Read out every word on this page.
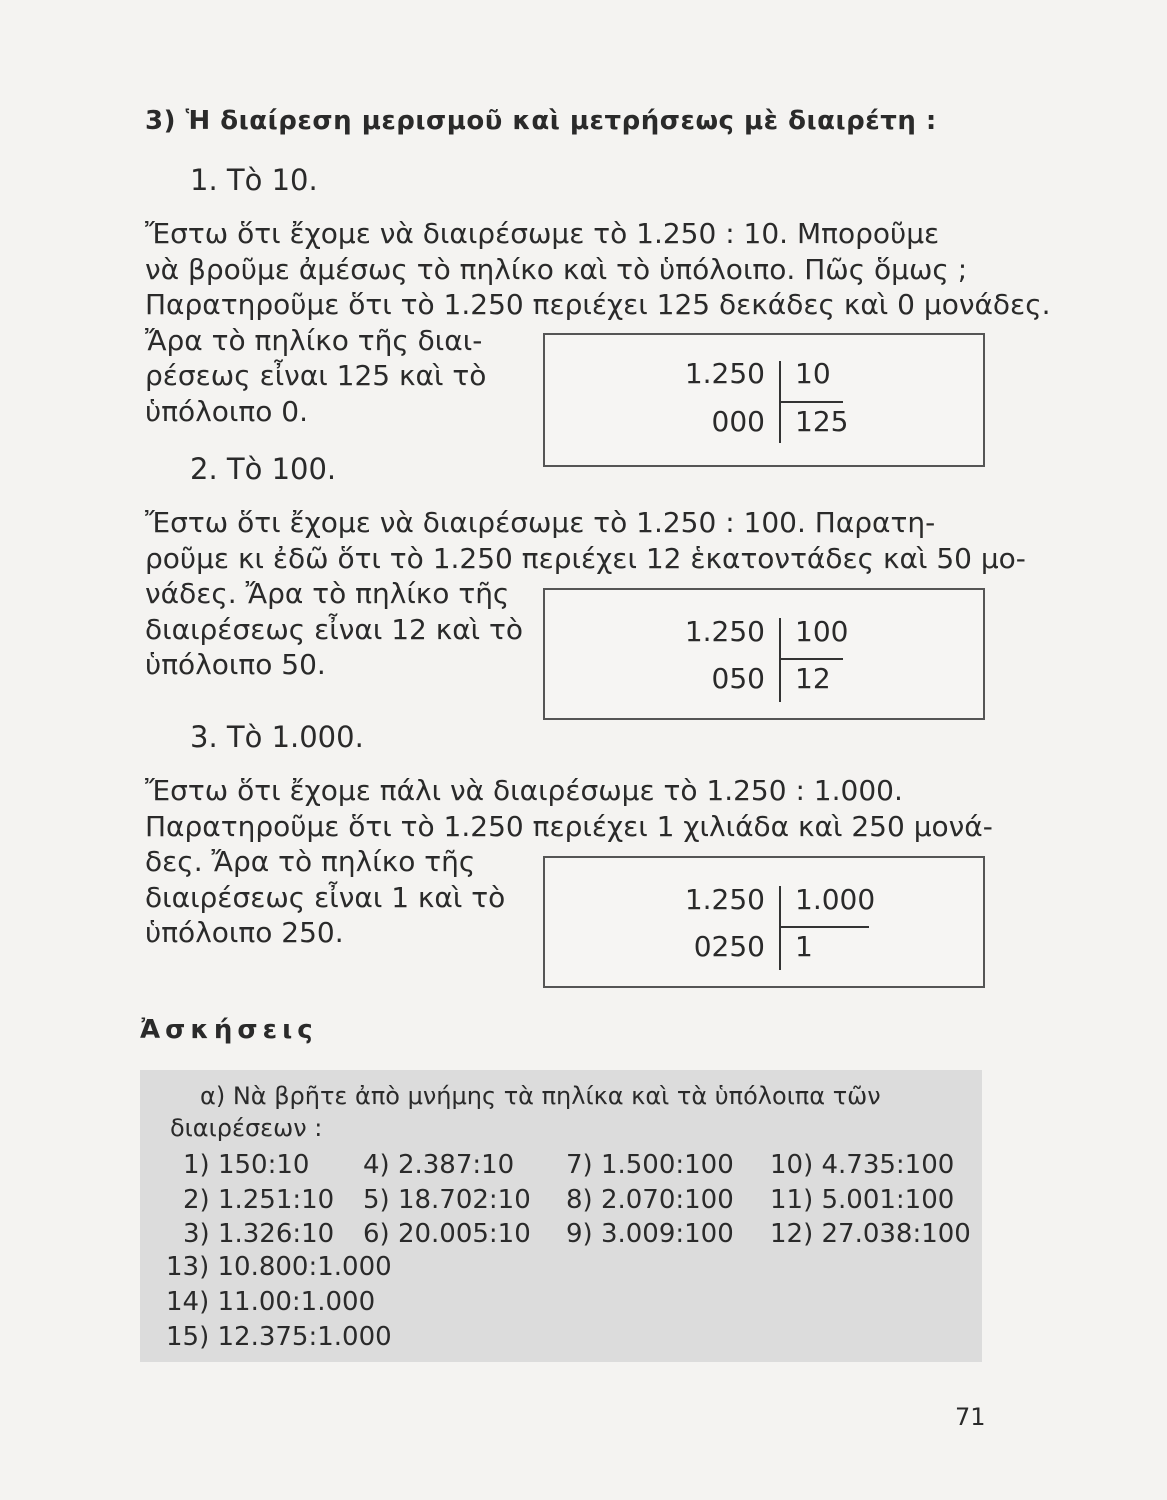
3) Ἡ διαίρεση μερισμοῦ καὶ μετρήσεως μὲ διαιρέτη :
1. Τὸ 10.
Ἔστω ὅτι ἔχομε νὰ διαιρέσωμε τὸ 1.250 : 10. Μποροῦμε
νὰ βροῦμε ἀμέσως τὸ πηλίκο καὶ τὸ ὑπόλοιπο. Πῶς ὅμως ;
Παρατηροῦμε ὅτι τὸ 1.250 περιέχει 125 δεκάδες καὶ 0 μονάδες.
Ἄρα τὸ πηλίκο τῆς διαι-
ρέσεως εἶναι 125 καὶ τὸ
ὑπόλοιπο 0.
1.250
000
10
125
2. Τὸ 100.
Ἔστω ὅτι ἔχομε νὰ διαιρέσωμε τὸ 1.250 : 100. Παρατη-
ροῦμε κι ἐδῶ ὅτι τὸ 1.250 περιέχει 12 ἑκατοντάδες καὶ 50 μο-
νάδες. Ἄρα τὸ πηλίκο τῆς
διαιρέσεως εἶναι 12 καὶ τὸ
ὑπόλοιπο 50.
1.250
050
100
12
3. Τὸ 1.000.
Ἔστω ὅτι ἔχομε πάλι νὰ διαιρέσωμε τὸ 1.250 : 1.000.
Παρατηροῦμε ὅτι τὸ 1.250 περιέχει 1 χιλιάδα καὶ 250 μονά-
δες. Ἄρα τὸ πηλίκο τῆς
διαιρέσεως εἶναι 1 καὶ τὸ
ὑπόλοιπο 250.
1.250
0250
1.000
1
Ἀσκήσεις
α) Νὰ βρῆτε ἀπὸ μνήμης τὰ πηλίκα καὶ τὰ ὑπόλοιπα τῶν
διαιρέσεων :
1) 150:10 4) 2.387:10 7) 1.500:100 10) 4.735:100
2) 1.251:10 5) 18.702:10 8) 2.070:100 11) 5.001:100
3) 1.326:10 6) 20.005:10 9) 3.009:100 12) 27.038:100
13) 10.800:1.000
14) 11.00:1.000
15) 12.375:1.000
71
